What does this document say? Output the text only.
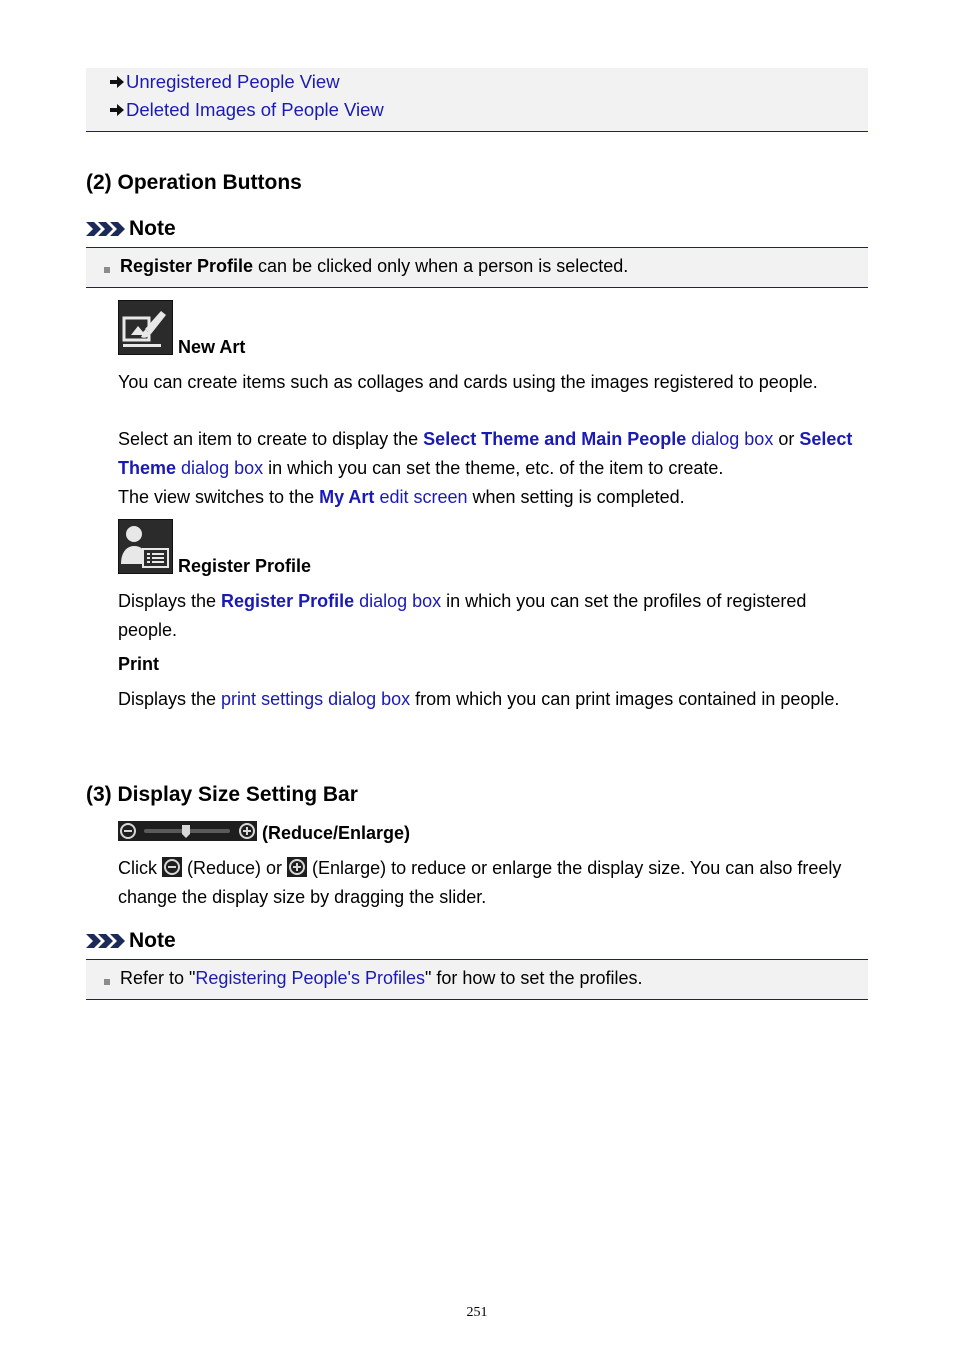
Unregistered People View
Deleted Images of People View
(2) Operation Buttons
Note
Register Profile can be clicked only when a person is selected.
New Art
You can create items such as collages and cards using the images registered to people.
Select an item to create to display the Select Theme and Main People dialog box or Select Theme dialog box in which you can set the theme, etc. of the item to create.
The view switches to the My Art edit screen when setting is completed.
Register Profile
Displays the Register Profile dialog box in which you can set the profiles of registered people.
Print
Displays the print settings dialog box from which you can print images contained in people.
(3) Display Size Setting Bar
(Reduce/Enlarge)
Click  (Reduce) or  (Enlarge) to reduce or enlarge the display size. You can also freely change the display size by dragging the slider.
Note
Refer to "Registering People's Profiles" for how to set the profiles.
251
